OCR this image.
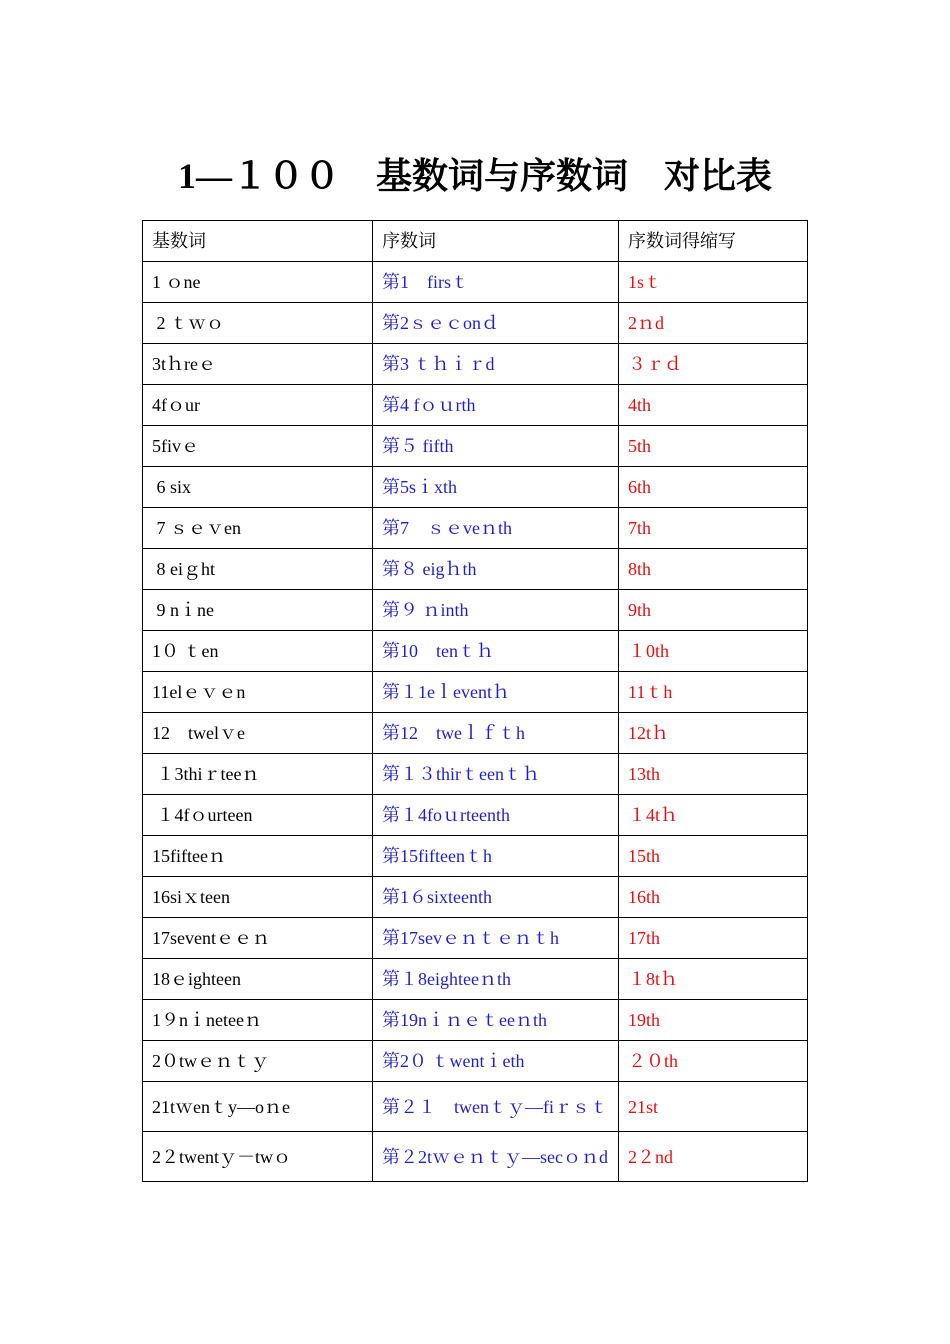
1—１００　基数词与序数词　对比表
基数词	序数词	序数词得缩写
1 ｏne	第1　firsｔ	1sｔ
2 ｔｗｏ	第2ｓｅｃonｄ	2ｎd
3tｈreｅ	第3 ｔｈｉｒd	３ｒｄ
4fｏur	第4 fｏｕrth	4th
5fivｅ	第５ fifth	5th
6 six	第5sｉxth	6th
7 ｓｅｖen	第7　ｓｅveｎth	7th
8 eiｇht	第８ eigｈth	8th
9 nｉne	第９ ｎinth	9th
1０ ｔen	第10　tenｔｈ	１0th
11elｅｖｅn	第１1eｌeventｈ	11ｔh
12　twelｖe	第12　tweｌｆｔh	12tｈ
１3thiｒteeｎ	第１３thirｔeenｔｈ	13th
１4fｏurteen	第１4foｕrteenth	１4tｈ
15fifteeｎ	第15fifteenｔh	15th
16siｘteen	第1６sixteenth	16th
17seventｅｅｎ	第17sevｅｎｔｅｎｔh	17th
18ｅighteen	第１8eighteeｎth	１8tｈ
1９nｉneteeｎ	第19nｉｎｅｔeeｎth	19th
2０twｅｎｔｙ	第2０ ｔwentｉeth	２０th
21tｗenｔy—oｎe	第２１　twenｔｙ—fiｒｓｔ	21st
2２twentｙ－twｏ	第２2tｗｅｎｔｙ—secｏｎd	2２nd
